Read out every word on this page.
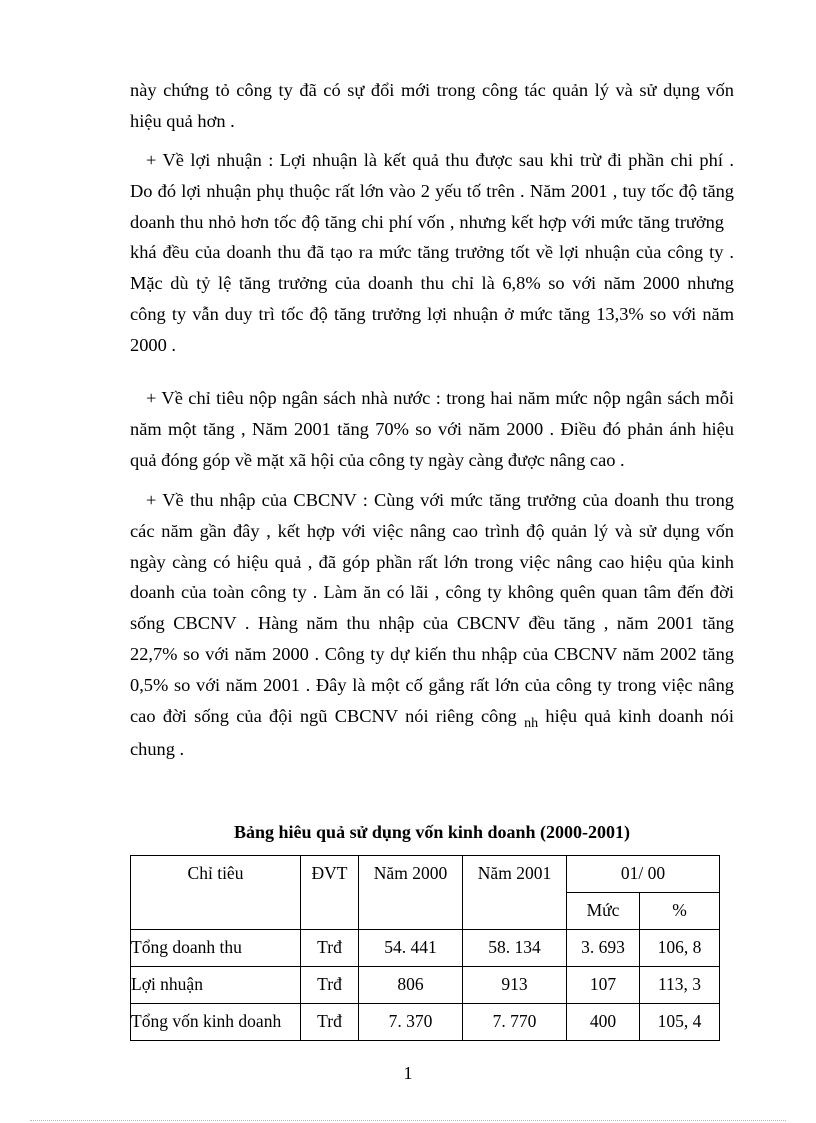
này chứng tỏ công ty đã có sự đổi mới trong công tác quản lý và sử dụng vốn
hiệu quả hơn .
+ Về lợi nhuận : Lợi nhuận là kết quả thu được sau khi trừ đi phần chi phí .
Do đó lợi nhuận phụ thuộc rất lớn vào 2 yếu tố trên . Năm 2001 , tuy tốc độ tăng
doanh thu nhỏ hơn tốc độ tăng chi phí vốn , nhưng kết hợp với mức tăng trưởng
khá đều của doanh thu đã tạo ra mức tăng trưởng tốt về lợi nhuận của công ty .
Mặc dù tỷ lệ tăng trưởng của doanh thu chỉ là 6,8% so với năm 2000 nhưng
công ty vẫn duy trì tốc độ tăng trưởng lợi nhuận ở mức tăng 13,3% so với năm
2000 .
+ Về chỉ tiêu nộp ngân sách nhà nước : trong hai năm mức nộp ngân sách mỗi
năm một tăng , Năm 2001 tăng 70% so với năm 2000 . Điều đó phản ánh hiệu
quả đóng góp về mặt xã hội của công ty ngày càng được nâng cao .
+ Về thu nhập của CBCNV : Cùng với mức tăng trưởng của doanh thu trong
các năm gần đây , kết hợp với việc nâng cao trình độ quản lý và sử dụng vốn
ngày càng có hiệu quả , đã góp phần rất lớn trong việc nâng cao hiệu qủa kinh
doanh của toàn công ty . Làm ăn có lãi , công ty không quên quan tâm đến đời
sống CBCNV . Hàng năm thu nhập của CBCNV đều tăng , năm 2001 tăng
22,7% so với năm 2000 . Công ty dự kiến thu nhập của CBCNV năm 2002 tăng
0,5% so với năm 2001 . Đây là một cố gắng rất lớn của công ty trong việc nâng
cao đời sống của đội ngũ CBCNV nói riêng công $_{nh}$ hiệu quả kinh doanh nói
chung .
Bảng hiêu quả sử dụng vốn kinh doanh (2000-2001)
Chỉ tiêu	ĐVT	Năm 2000	Năm 2001	01/ 00	
				Mức	%
Tổng doanh thu	Trđ	54. 441	58. 134	3. 693	106, 8
Lợi nhuận	Trđ	806	913	107	113, 3
Tổng vốn kinh doanh	Trđ	7. 370	7. 770	400	105, 4
1
